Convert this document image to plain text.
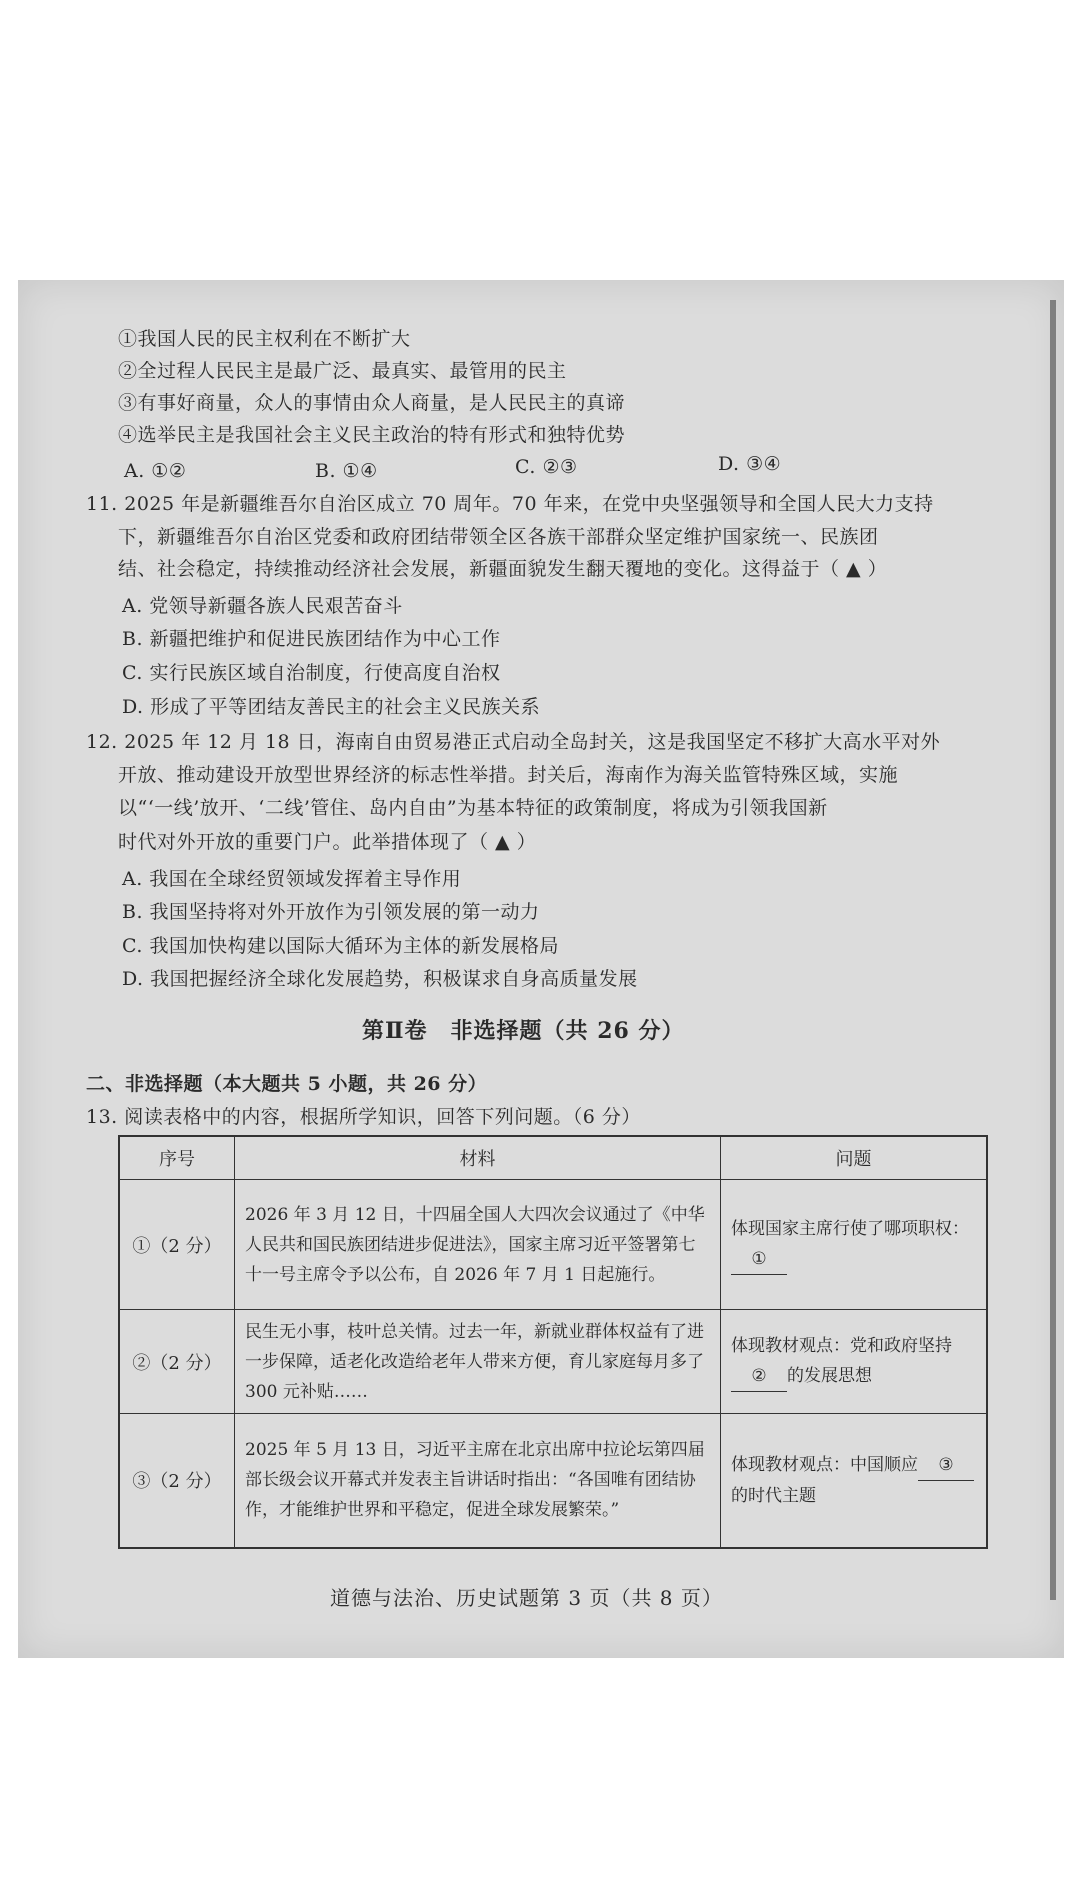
①我国人民的民主权利在不断扩大
②全过程人民民主是最广泛、最真实、最管用的民主
③有事好商量，众人的事情由众人商量，是人民民主的真谛
④选举民主是我国社会主义民主政治的特有形式和独特优势
A. ①②	B. ①④	C. ②③	D. ③④
11. 2025 年是新疆维吾尔自治区成立 70 周年。70 年来，在党中央坚强领导和全国人民大力支持
下，新疆维吾尔自治区党委和政府团结带领全区各族干部群众坚定维护国家统一、民族团
结、社会稳定，持续推动经济社会发展，新疆面貌发生翻天覆地的变化。这得益于（ ▲ ）
A. 党领导新疆各族人民艰苦奋斗
B. 新疆把维护和促进民族团结作为中心工作
C. 实行民族区域自治制度，行使高度自治权
D. 形成了平等团结友善民主的社会主义民族关系
12. 2025 年 12 月 18 日，海南自由贸易港正式启动全岛封关，这是我国坚定不移扩大高水平对外
开放、推动建设开放型世界经济的标志性举措。封关后，海南作为海关监管特殊区域，实施
以“‘一线’放开、‘二线’管住、岛内自由”为基本特征的政策制度，将成为引领我国新
时代对外开放的重要门户。此举措体现了（ ▲ ）
A. 我国在全球经贸领域发挥着主导作用
B. 我国坚持将对外开放作为引领发展的第一动力
C. 我国加快构建以国际大循环为主体的新发展格局
D. 我国把握经济全球化发展趋势，积极谋求自身高质量发展
第Ⅱ卷　非选择题（共 26 分）
二、非选择题（本大题共 5 小题，共 26 分）
13. 阅读表格中的内容，根据所学知识，回答下列问题。（6 分）
序号	材料	问题
①（2 分）	2026 年 3 月 12 日，十四届全国人大四次会议通过了《中华人民共和国民族团结进步促进法》，国家主席习近平签署第七十一号主席令予以公布，自 2026 年 7 月 1 日起施行。	体现国家主席行使了哪项职权：①
②（2 分）	民生无小事，枝叶总关情。过去一年，新就业群体权益有了进一步保障，适老化改造给老年人带来方便，育儿家庭每月多了 300 元补贴……	体现教材观点：党和政府坚持② 的发展思想
③（2 分）	2025 年 5 月 13 日，习近平主席在北京出席中拉论坛第四届部长级会议开幕式并发表主旨讲话时指出：“各国唯有团结协作，才能维护世界和平稳定，促进全球发展繁荣。”	体现教材观点：中国顺应 ③的时代主题
道德与法治、历史试题第 3 页（共 8 页）
